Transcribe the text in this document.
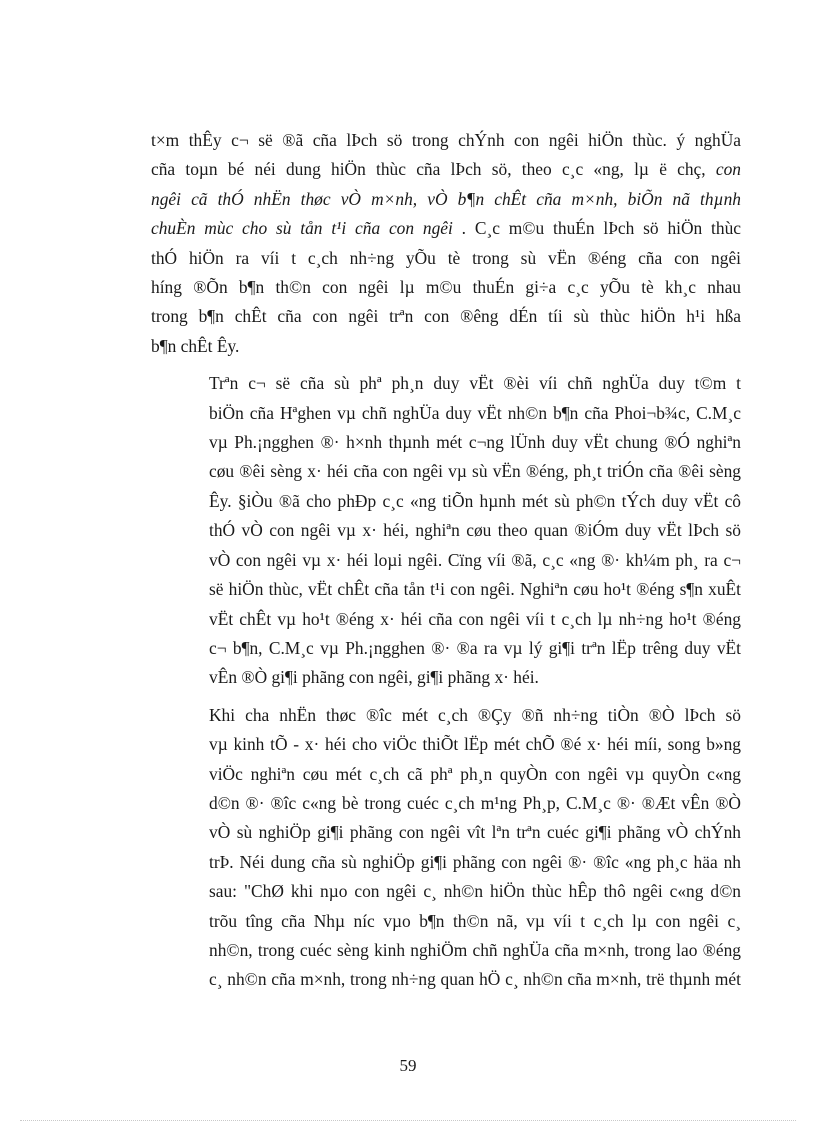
t×m thÊy c¬ së ®ã cña lÞch sö trong chÝnh con ngêi hiÖn thùc. ý nghÜa
cña toµn bé néi dung hiÖn thùc cña lÞch sö, theo c¸c «ng, lµ ë chç, con
ngêi cã thÓ nhËn thøc vÒ m×nh, vÒ b¶n chÊt cña m×nh, biÕn nã thµnh
chuÈn mùc cho sù tån t¹i cña con ngêi . C¸c m©u thuÉn lÞch sö hiÖn thùc
thÓ hiÖn ra víi t c¸ch nh÷ng yÕu tè trong sù vËn ®éng cña con ngêi
híng ®Õn b¶n th©n con ngêi lµ m©u thuÉn gi÷a c¸c yÕu tè kh¸c nhau
trong b¶n chÊt cña con ngêi trªn con ®êng dÉn tíi sù thùc hiÖn h¹i hßa
b¶n chÊt Êy.

Trªn c¬ së cña sù phª ph¸n duy vËt ®èi víi chñ nghÜa duy t©m t
biÖn cña Hªghen vµ chñ nghÜa duy vËt nh©n b¶n cña Phoi¬b¾c, C.M¸c
vµ Ph.¡ngghen ®· h×nh thµnh mét c¬ng lÜnh duy vËt chung ®Ó nghiªn
cøu ®êi sèng x· héi cña con ngêi vµ sù vËn ®éng, ph¸t triÓn cña ®êi sèng
Êy. §iÒu ®ã cho phÐp c¸c «ng tiÕn hµnh mét sù ph©n tÝch duy vËt cô
thÓ vÒ con ngêi vµ x· héi, nghiªn cøu theo quan ®iÓm duy vËt lÞch sö
vÒ con ngêi vµ x· héi loµi ngêi. Cïng víi ®ã, c¸c «ng ®· kh¼m ph¸ ra c¬
së hiÖn thùc, vËt chÊt cña tån t¹i con ngêi. Nghiªn cøu ho¹t ®éng s¶n xuÊt
vËt chÊt vµ ho¹t ®éng x· héi cña con ngêi víi t c¸ch lµ nh÷ng ho¹t ®éng
c¬ b¶n, C.M¸c vµ Ph.¡ngghen ®· ®a ra vµ lý gi¶i trªn lËp trêng duy vËt
vÊn ®Ò gi¶i phãng con ngêi, gi¶i phãng x· héi.

Khi cha nhËn thøc ®îc mét c¸ch ®Çy ®ñ nh÷ng tiÒn ®Ò lÞch sö
vµ kinh tÕ - x· héi cho viÖc thiÕt lËp mét chÕ ®é x· héi míi, song b»ng
viÖc nghiªn cøu mét c¸ch cã phª ph¸n quyÒn con ngêi vµ quyÒn c«ng
d©n ®· ®îc c«ng bè trong cuéc c¸ch m¹ng Ph¸p, C.M¸c ®· ®Æt vÊn ®Ò
vÒ sù nghiÖp gi¶i phãng con ngêi vît lªn trªn cuéc gi¶i phãng vÒ chÝnh
trÞ. Néi dung cña sù nghiÖp gi¶i phãng con ngêi ®· ®îc «ng ph¸c häa nh
sau: "ChØ khi nµo con ngêi c¸ nh©n hiÖn thùc hÊp thô ngêi c«ng d©n
trõu tîng cña Nhµ níc vµo b¶n th©n nã, vµ víi t c¸ch lµ con ngêi c¸
nh©n, trong cuéc sèng kinh nghiÖm chñ nghÜa cña m×nh, trong lao ®éng
c¸ nh©n cña m×nh, trong nh÷ng quan hÖ c¸ nh©n cña m×nh, trë thµnh mét

59
